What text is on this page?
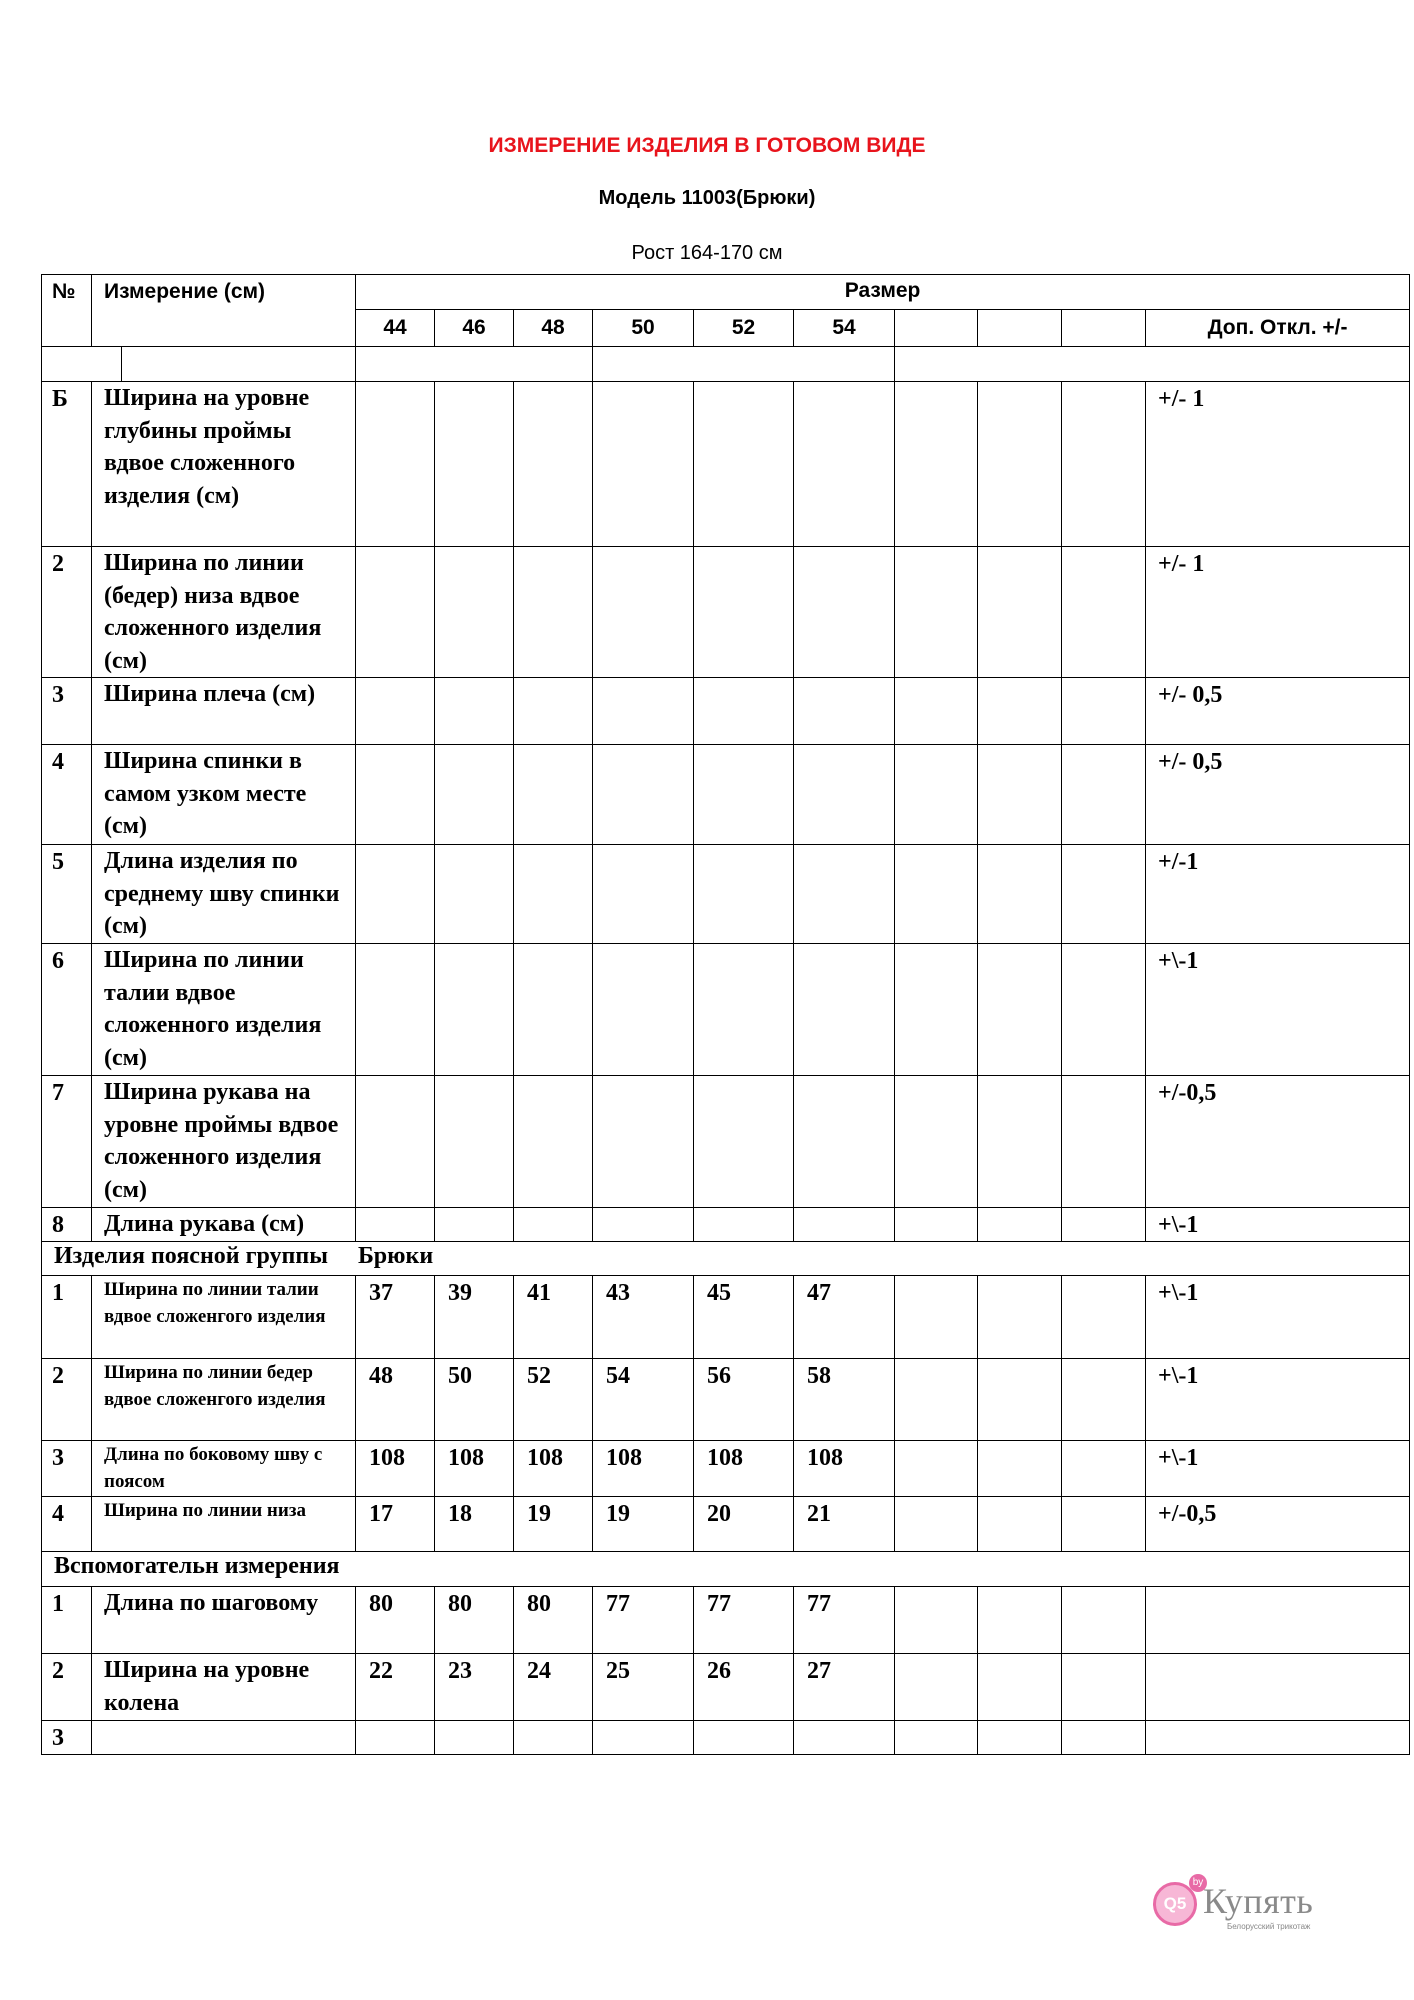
ИЗМЕРЕНИЕ ИЗДЕЛИЯ В ГОТОВОМ ВИДЕ
Модель 11003(Брюки)
Рост 164-170 см
№	Измерение (см)		Размер									
			44	46	48	50	52	54				Доп. Откл. +/-

Б	Ширина на уровне глубины проймы вдвое сложенного изделия (см)											+/- 1
2	Ширина по линии (бедер) низа вдвое сложенного изделия (см)											+/- 1
3	Ширина плеча (см)											+/- 0,5
4	Ширина спинки в самом узком месте (см)											+/- 0,5
5	Длина изделия по среднему шву спинки (см)											+/-1
6	Ширина по линии талии вдвое сложенного изделия (см)											+\-1
7	Ширина рукава на уровне проймы вдвое сложенного изделия (см)											+/-0,5
8	Длина рукава (см)											+\-1
Изделия поясной группы     Брюки												
1	Ширина по линии талии вдвое сложенгого изделия		37	39	41	43	45	47				+\-1
2	Ширина по линии бедер вдвое сложенгого изделия		48	50	52	54	56	58				+\-1
3	Длина по боковому шву с поясом		108	108	108	108	108	108				+\-1
4	Ширина по линии низа		17	18	19	19	20	21				+/-0,5
Вспомогательн измерения												
1	Длина по шаговому		80	80	80	77	77	77				
2	Ширина на уровне колена		22	23	24	25	26	27				
3												
Q5
by Купять
Белорусский трикотаж
